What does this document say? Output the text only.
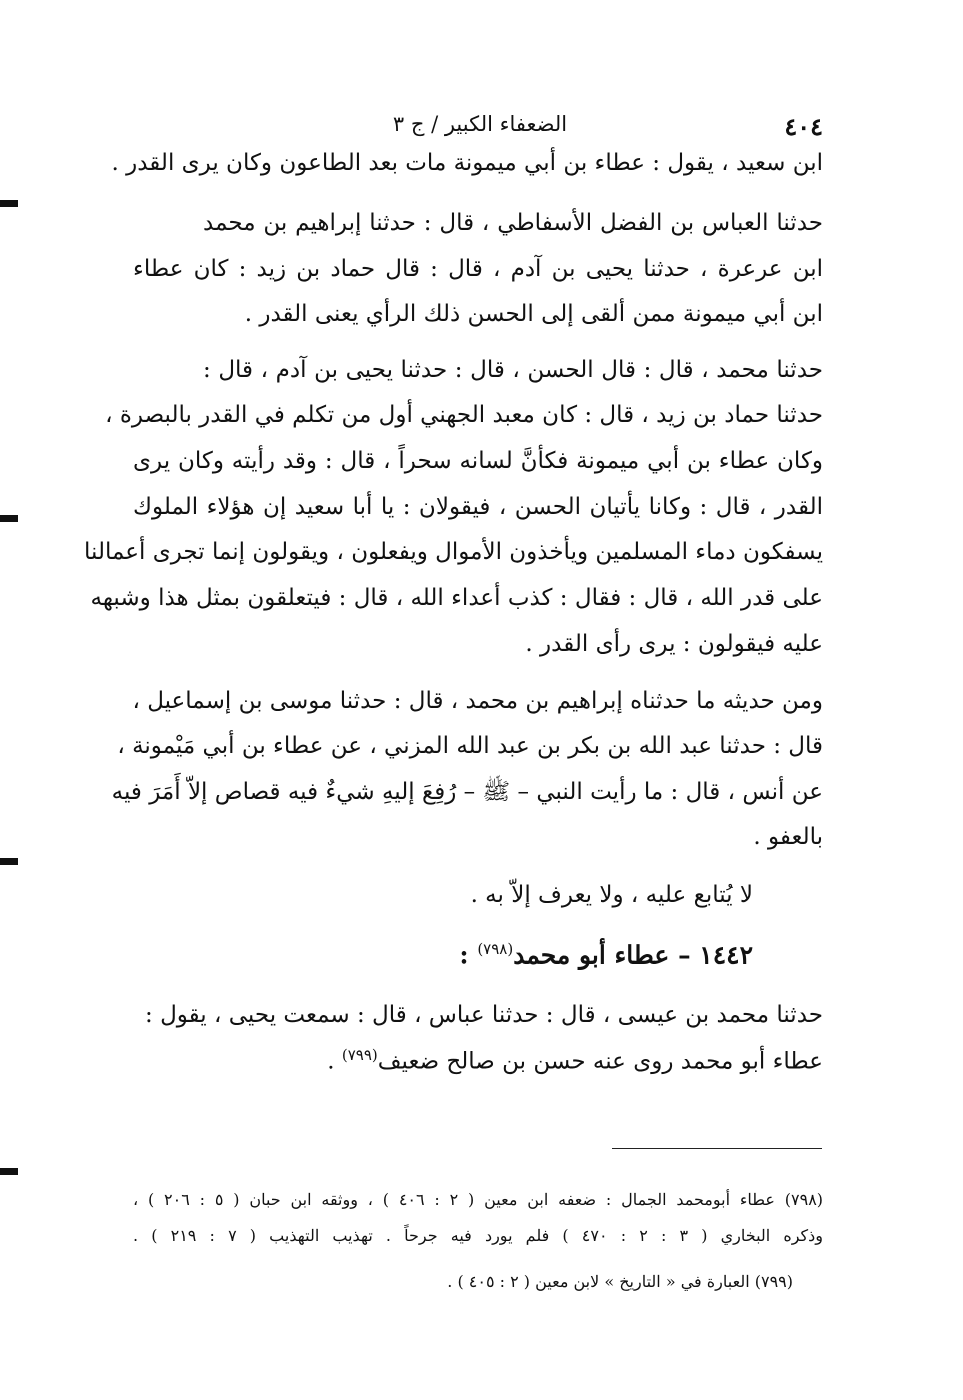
٤٠٤
الضعفاء الكبير / ج ٣
ابن سعيد ، يقول : عطاء بن أبي ميمونة مات بعد الطاعون وكان يرى القدر .
حدثنا العباس بن الفضل الأسفاطي ، قال : حدثنا إبراهيم بن محمد
ابن عرعرة ، حدثنا يحيى بن آدم ، قال : قال حماد بن زيد : كان عطاء
ابن أبي ميمونة ممن ألقى إلى الحسن ذلك الرأي يعنى القدر .
حدثنا محمد ، قال : قال الحسن ، قال : حدثنا يحيى بن آدم ، قال :
حدثنا حماد بن زيد ، قال : كان معبد الجهني أول من تكلم في القدر بالبصرة ،
وكان عطاء بن أبي ميمونة فكأنَّ لسانه سحراً ، قال : وقد رأيته وكان يرى
القدر ، قال : وكانا يأتيان الحسن ، فيقولان : يا أبا سعيد إن هؤلاء الملوك
يسفكون دماء المسلمين ويأخذون الأموال ويفعلون ، ويقولون إنما تجرى أعمالنا
على قدر الله ، قال : فقال : كذب أعداء الله ، قال : فيتعلقون بمثل هذا وشبهه
عليه فيقولون : يرى رأى القدر .
ومن حديثه ما حدثناه إبراهيم بن محمد ، قال : حدثنا موسى بن إسماعيل ،
قال : حدثنا عبد الله بن بكر بن عبد الله المزني ، عن عطاء بن أبي مَيْمونة ،
عن أنس ، قال : ما رأيت النبي – ﷺ – رُفِعَ إليهِ شيءٌ فيه قصاص إلاّ أَمَرَ فيه
بالعفو .
لا يُتابع عليه ، ولا يعرف إلاّ به .
١٤٤٢ – عطاء أبو محمد$^{(٧٩٨)}$ :
حدثنا محمد بن عيسى ، قال : حدثنا عباس ، قال : سمعت يحيى ، يقول :
عطاء أبو محمد روى عنه حسن بن صالح ضعيف$^{(٧٩٩)}$ .
(٧٩٨) عطاء أبومحمد الجمال : ضعفه ابن معين ( ٢ : ٤٠٦ ) ، ووثقه ابن حبان ( ٥ : ٢٠٦ ) ،
وذكره البخاري ( ٣ : ٢ : ٤٧٠ ) فلم يورد فيه جرحاً . تهذيب التهذيب ( ٧ : ٢١٩ ) .
(٧٩٩) العبارة في « التاريخ » لابن معين ( ٢ : ٤٠٥ ) .
